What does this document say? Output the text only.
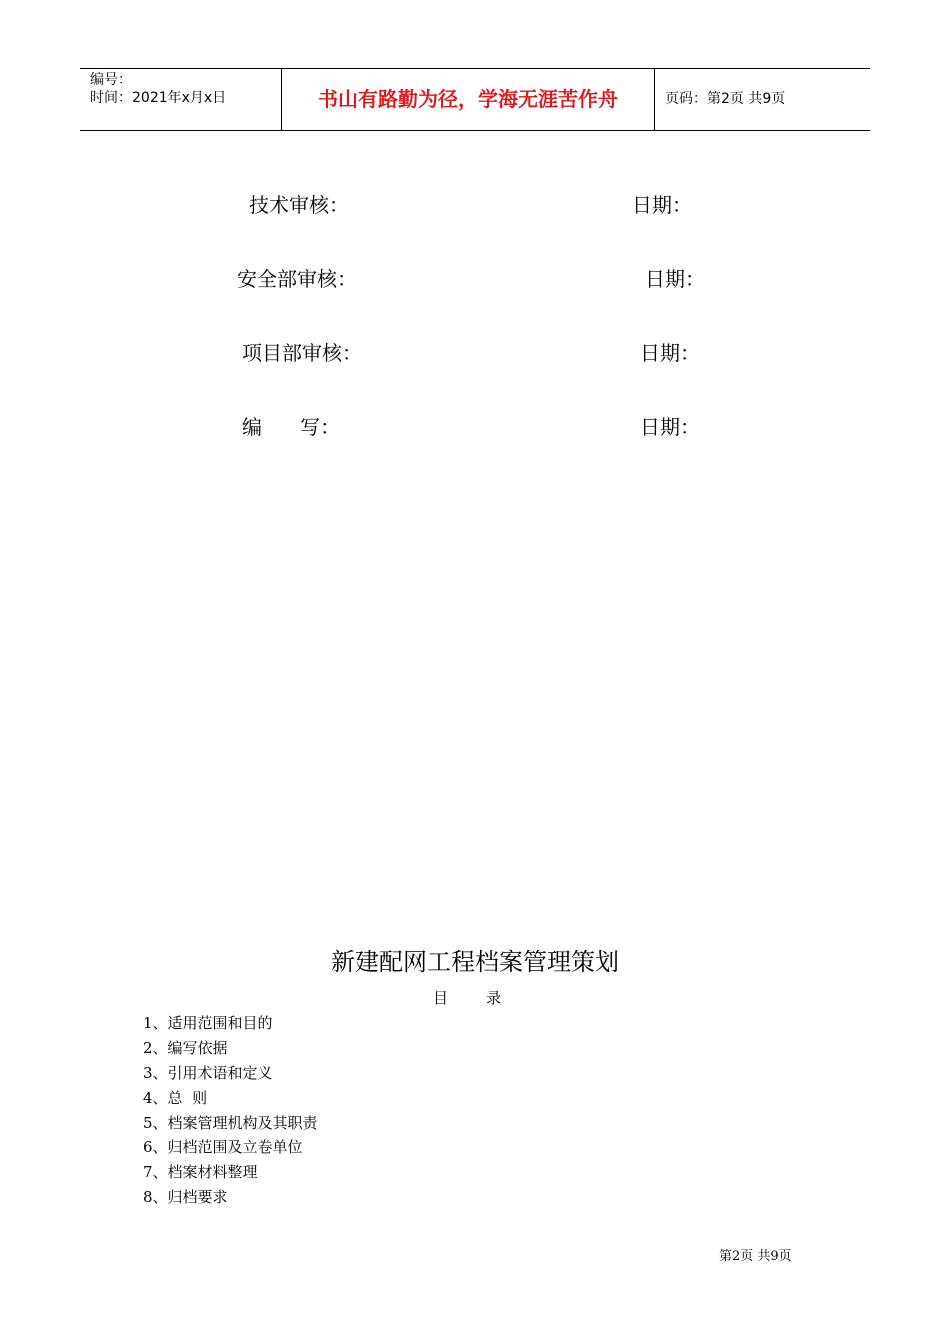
编号：
时间：2021年x月x日	书山有路勤为径，学海无涯苦作舟	页码：第2页 共9页
技术审核：	日期：
安全部审核：	日期：
项目部审核：	日期：
编      写：	日期：
新建配网工程档案管理策划
目        录
1、适用范围和目的
2、编写依据
3、引用术语和定义
4、总  则
5、档案管理机构及其职责
6、归档范围及立卷单位
7、档案材料整理
8、归档要求
第2页 共9页
